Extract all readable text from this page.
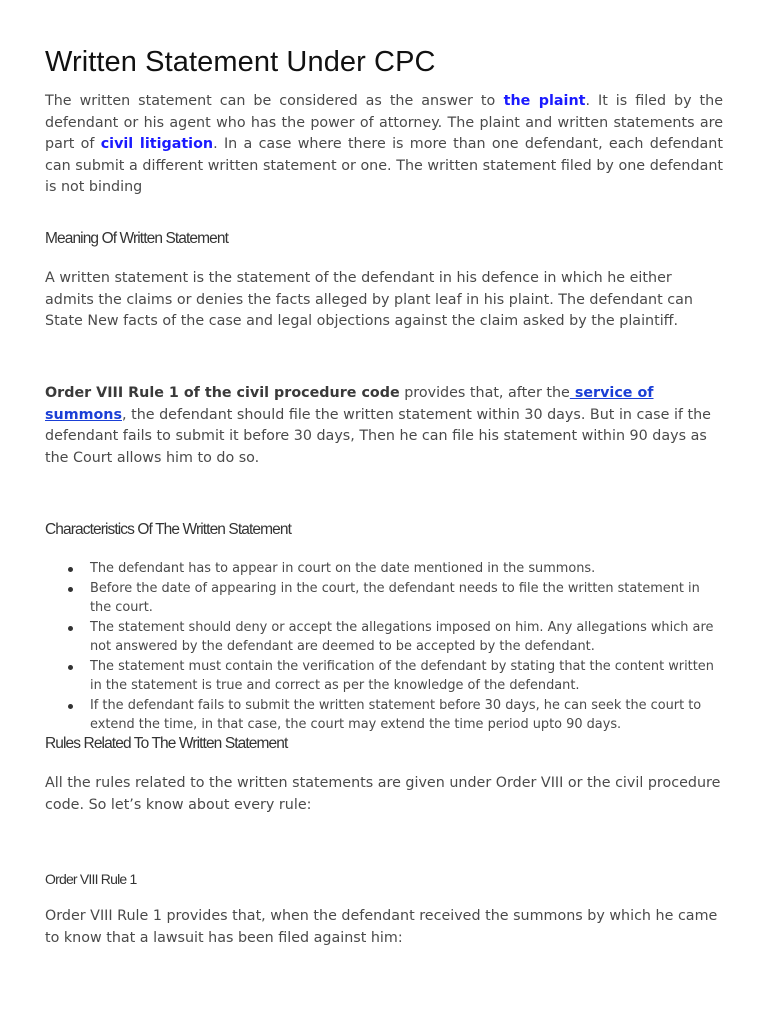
Written Statement Under CPC

The written statement can be considered as the answer to the plaint. It is filed by the defendant or his agent who has the power of attorney. The plaint and written statements are part of civil litigation. In a case where there is more than one defendant, each defendant can submit a different written statement or one. The written statement filed by one defendant is not binding

Meaning Of Written Statement

A written statement is the statement of the defendant in his defence in which he either admits the claims or denies the facts alleged by plant leaf in his plaint. The defendant can State New facts of the case and legal objections against the claim asked by the plaintiff.

Order VIII Rule 1 of the civil procedure code provides that, after the service of summons, the defendant should file the written statement within 30 days. But in case if the defendant fails to submit it before 30 days, Then he can file his statement within 90 days as the Court allows him to do so.

Characteristics Of The Written Statement
The defendant has to appear in court on the date mentioned in the summons.
Before the date of appearing in the court, the defendant needs to file the written statement in the court.
The statement should deny or accept the allegations imposed on him. Any allegations which are not answered by the defendant are deemed to be accepted by the defendant.
The statement must contain the verification of the defendant by stating that the content written in the statement is true and correct as per the knowledge of the defendant.
If the defendant fails to submit the written statement before 30 days, he can seek the court to extend the time, in that case, the court may extend the time period upto 90 days.
Rules Related To The Written Statement

All the rules related to the written statements are given under Order VIII or the civil procedure code. So let’s know about every rule:

Order VIII Rule 1

Order VIII Rule 1 provides that, when the defendant received the summons by which he came to know that a lawsuit has been filed against him:
